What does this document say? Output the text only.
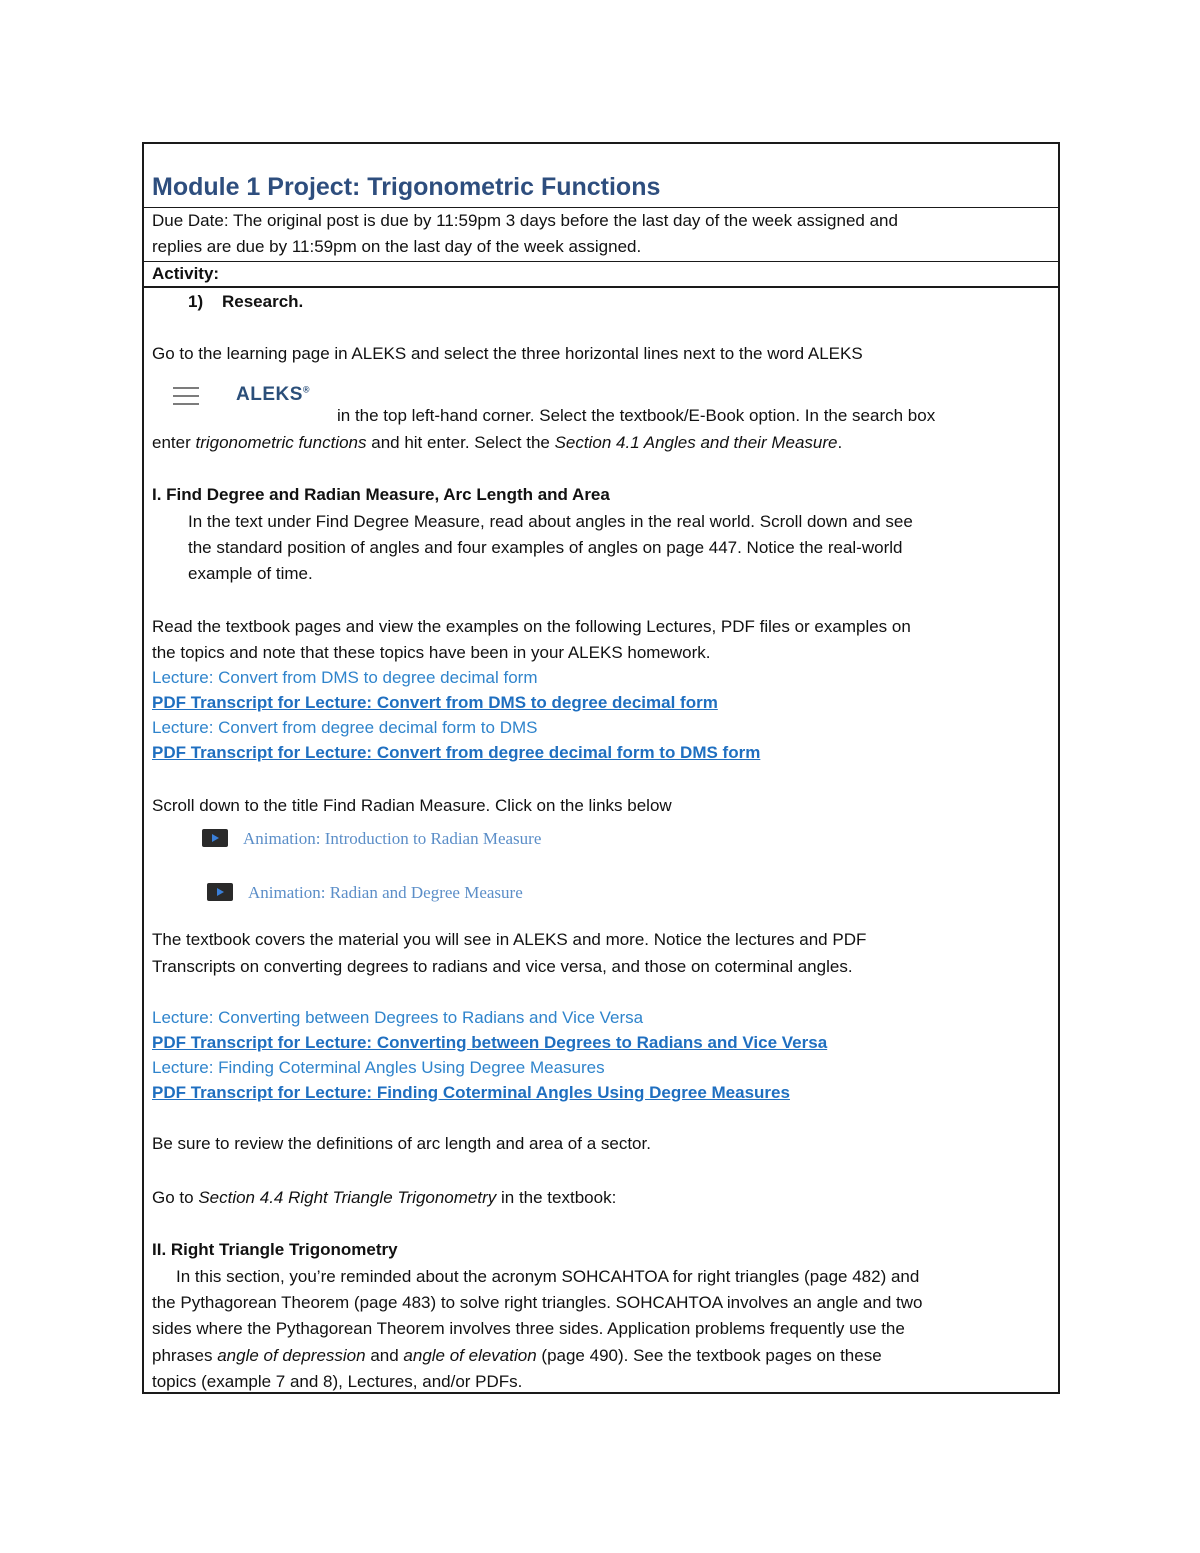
Module 1 Project: Trigonometric Functions
Due Date: The original post is due by 11:59pm 3 days before the last day of the week assigned and
replies are due by 11:59pm on the last day of the week assigned.
Activity:
1) Research.
Go to the learning page in ALEKS and select the three horizontal lines next to the word ALEKS
ALEKS®
in the top left-hand corner. Select the textbook/E-Book option. In the search box
enter trigonometric functions and hit enter. Select the Section 4.1 Angles and their Measure.
I. Find Degree and Radian Measure, Arc Length and Area
In the text under Find Degree Measure, read about angles in the real world. Scroll down and see
the standard position of angles and four examples of angles on page 447. Notice the real-world
example of time.
Read the textbook pages and view the examples on the following Lectures, PDF files or examples on
the topics and note that these topics have been in your ALEKS homework.
Lecture: Convert from DMS to degree decimal form
PDF Transcript for Lecture: Convert from DMS to degree decimal form
Lecture: Convert from degree decimal form to DMS
PDF Transcript for Lecture: Convert from degree decimal form to DMS form
Scroll down to the title Find Radian Measure. Click on the links below
Animation: Introduction to Radian Measure
Animation: Radian and Degree Measure
The textbook covers the material you will see in ALEKS and more. Notice the lectures and PDF
Transcripts on converting degrees to radians and vice versa, and those on coterminal angles.
Lecture: Converting between Degrees to Radians and Vice Versa
PDF Transcript for Lecture: Converting between Degrees to Radians and Vice Versa
Lecture: Finding Coterminal Angles Using Degree Measures
PDF Transcript for Lecture: Finding Coterminal Angles Using Degree Measures
Be sure to review the definitions of arc length and area of a sector.
Go to Section 4.4 Right Triangle Trigonometry in the textbook:
II. Right Triangle Trigonometry
In this section, you’re reminded about the acronym SOHCAHTOA for right triangles (page 482) and
the Pythagorean Theorem (page 483) to solve right triangles. SOHCAHTOA involves an angle and two
sides where the Pythagorean Theorem involves three sides. Application problems frequently use the
phrases angle of depression and angle of elevation (page 490). See the textbook pages on these
topics (example 7 and 8), Lectures, and/or PDFs.
